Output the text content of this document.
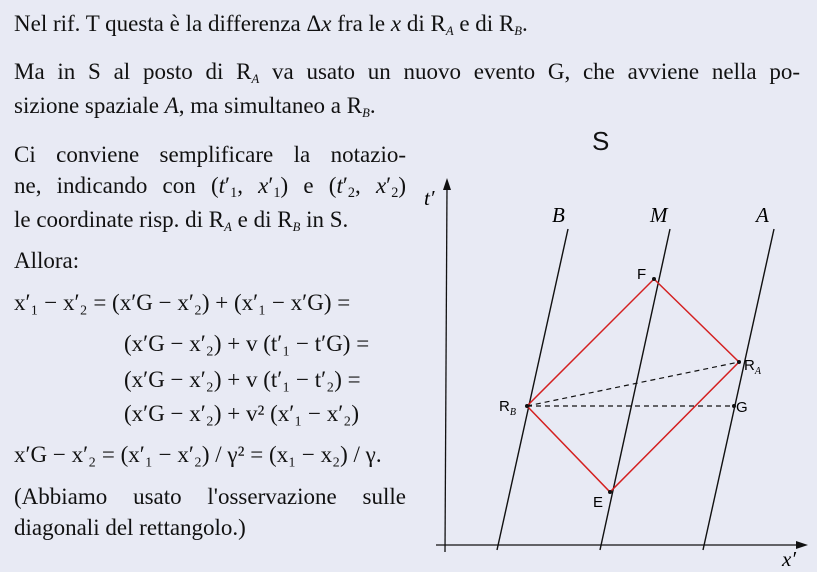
Nel rif. T questa è la differenza Δx fra le x di RA e di RB.
Ma in S al posto di RA va usato un nuovo evento G, che avviene nella po-
sizione spaziale A, ma simultaneo a RB.
Ci conviene semplificare la notazio-
ne, indicando con (t′1, x′1) e (t′2, x′2)
le coordinate risp. di RA e di RB in S.
Allora:
x′₁ − x′₂ = (x′G − x′₂) + (x′₁ − x′G) =
(x′G − x′₂) + v (t′₁ − t′G) =
(x′G − x′₂) + v (t′₁ − t′₂) =
(x′G − x′₂) + v² (x′₁ − x′₂)
x′G − x′₂ = (x′₁ − x′₂) / γ² = (x₁ − x₂) / γ.
(Abbiamo usato l'osservazione sulle
diagonali del rettangolo.)
S
t′
x′
B	M	A
F
E
G
$R_A$
$R_B$
